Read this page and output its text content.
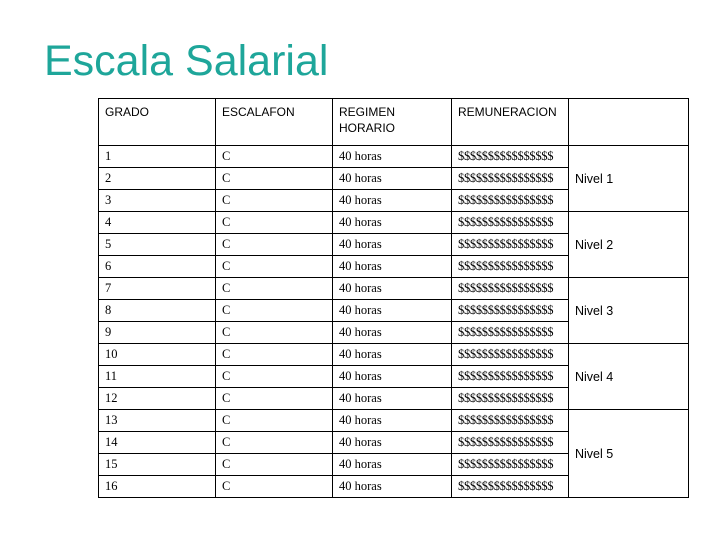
Escala Salarial
GRADO	ESCALAFON	REGIMEN HORARIO	REMUNERACION	
1	C	40 horas	$$$$$$$$$$$$$$$$	Nivel 1
2	C	40 horas	$$$$$$$$$$$$$$$$	
3	C	40 horas	$$$$$$$$$$$$$$$$	
4	C	40 horas	$$$$$$$$$$$$$$$$	Nivel 2
5	C	40 horas	$$$$$$$$$$$$$$$$	
6	C	40 horas	$$$$$$$$$$$$$$$$	
7	C	40 horas	$$$$$$$$$$$$$$$$	Nivel 3
8	C	40 horas	$$$$$$$$$$$$$$$$	
9	C	40 horas	$$$$$$$$$$$$$$$$	
10	C	40 horas	$$$$$$$$$$$$$$$$	Nivel 4
11	C	40 horas	$$$$$$$$$$$$$$$$	
12	C	40 horas	$$$$$$$$$$$$$$$$	
13	C	40 horas	$$$$$$$$$$$$$$$$	Nivel 5
14	C	40 horas	$$$$$$$$$$$$$$$$	
15	C	40 horas	$$$$$$$$$$$$$$$$	
16	C	40 horas	$$$$$$$$$$$$$$$$	
